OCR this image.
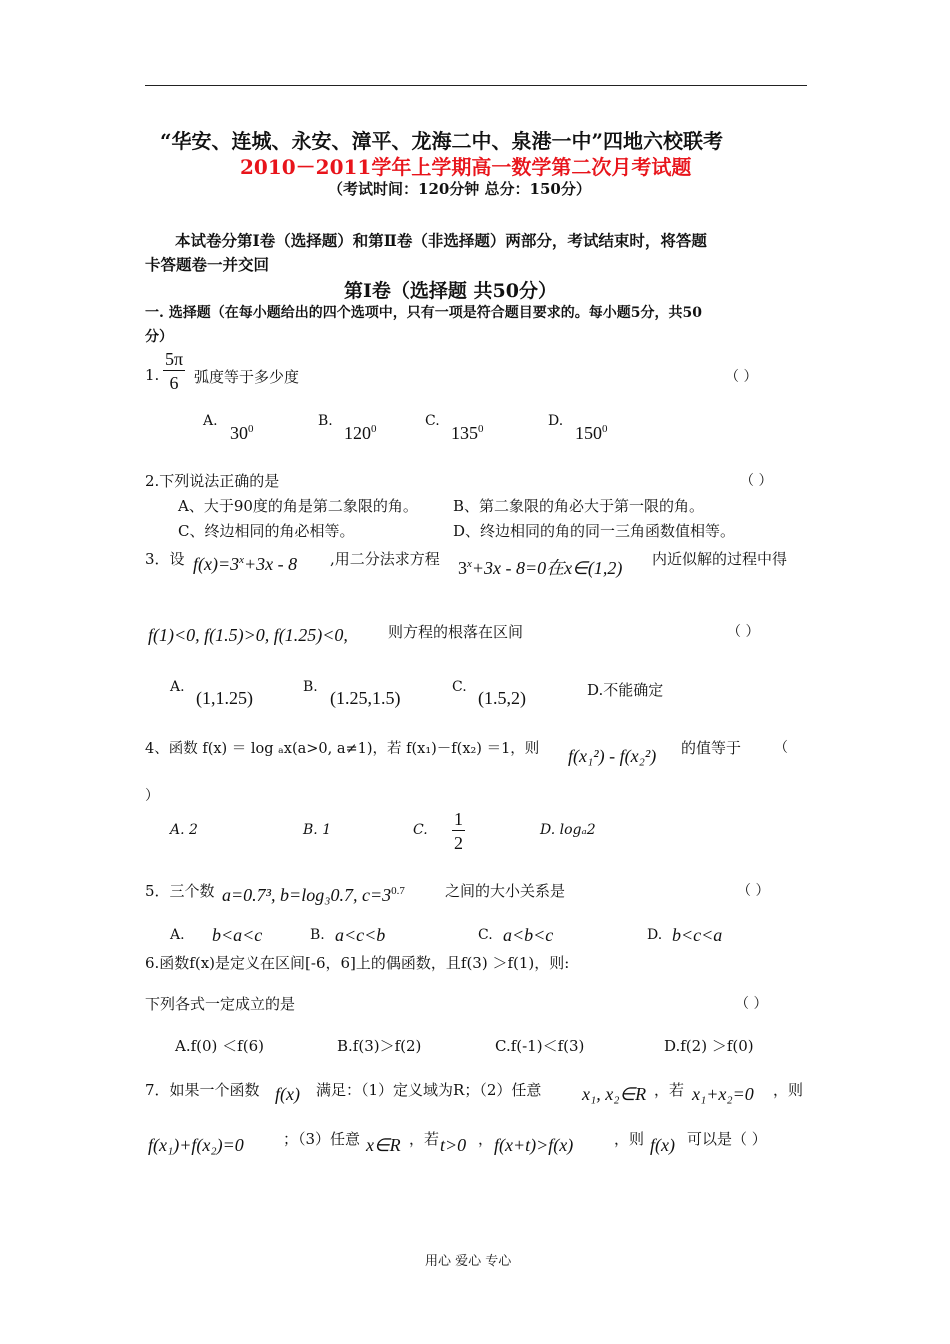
“华安、连城、永安、漳平、龙海二中、泉港一中”四地六校联考
2010－2011学年上学期高一数学第二次月考试题
（考试时间：120分钟 总分：150分）
本试卷分第Ⅰ卷（选择题）和第Ⅱ卷（非选择题）两部分，考试结束时，将答题
卡答题卷一并交回
第Ⅰ卷（选择题 共50分）
一. 选择题（在每小题给出的四个选项中，只有一项是符合题目要求的。每小题5分，共50
分）
1. $\frac{5\pi}{6}$ 弧度等于多少度	（ ）
A.
$30^0$	B.
$120^0$	C.
$135^0$	D.
$150^0$
2.下列说法正确的是	（ ）
A、大于90度的角是第二象限的角。 B、第二象限的角必大于第一限的角。
C、终边相同的角必相等。	D、终边相同的角的同一三角函数值相等。
3．设 $f(x)=3^x+3x - 8$ ,用二分法求方程 $3^x+3x - 8=0$在x∈(1,2) 内近似解的过程中得
f(1)<0, f(1.5)>0, f(1.25)<0,	则方程的根落在区间	（ ）
A.
(1,1.25)
B.
(1.25,1.5)
C.
(1.5,2)	D.不能确定
4、函数 f(x) ＝ log ₐx(a>0, a≠1)，若 f(x₁)－f(x₂) ＝1，则 f(x₁²) - f(x₂²) 的值等于 （
）
A. 2	B. 1	C. $\frac{1}{2}$	D. logₐ2
5．三个数 a=0.7³, b=log₃0.7, $c=3^{0.7}$	之间的大小关系是	（ ）
A. b<a<c	B. a<c<b	C. a<b<c	D. b<c<a
6.函数f(x)是定义在区间[-6，6]上的偶函数，且f(3) ＞f(1)，则:
下列各式一定成立的是	（ ）
A.f(0) ＜f(6)	B.f(3)＞f(2)	C.f(-1)＜f(3)	D.f(2) ＞f(0)
7．如果一个函数 f(x) 满足：（1）定义域为R；（2）任意 x₁, x₂∈R ，若 x₁+x₂=0 ，则
f(x₁)+f(x₂)=0	；（3）任意 x∈R ，若 t>0 ， f(x+t)>f(x)	，则 f(x) 可以是（ ）
用心 爱心 专心
